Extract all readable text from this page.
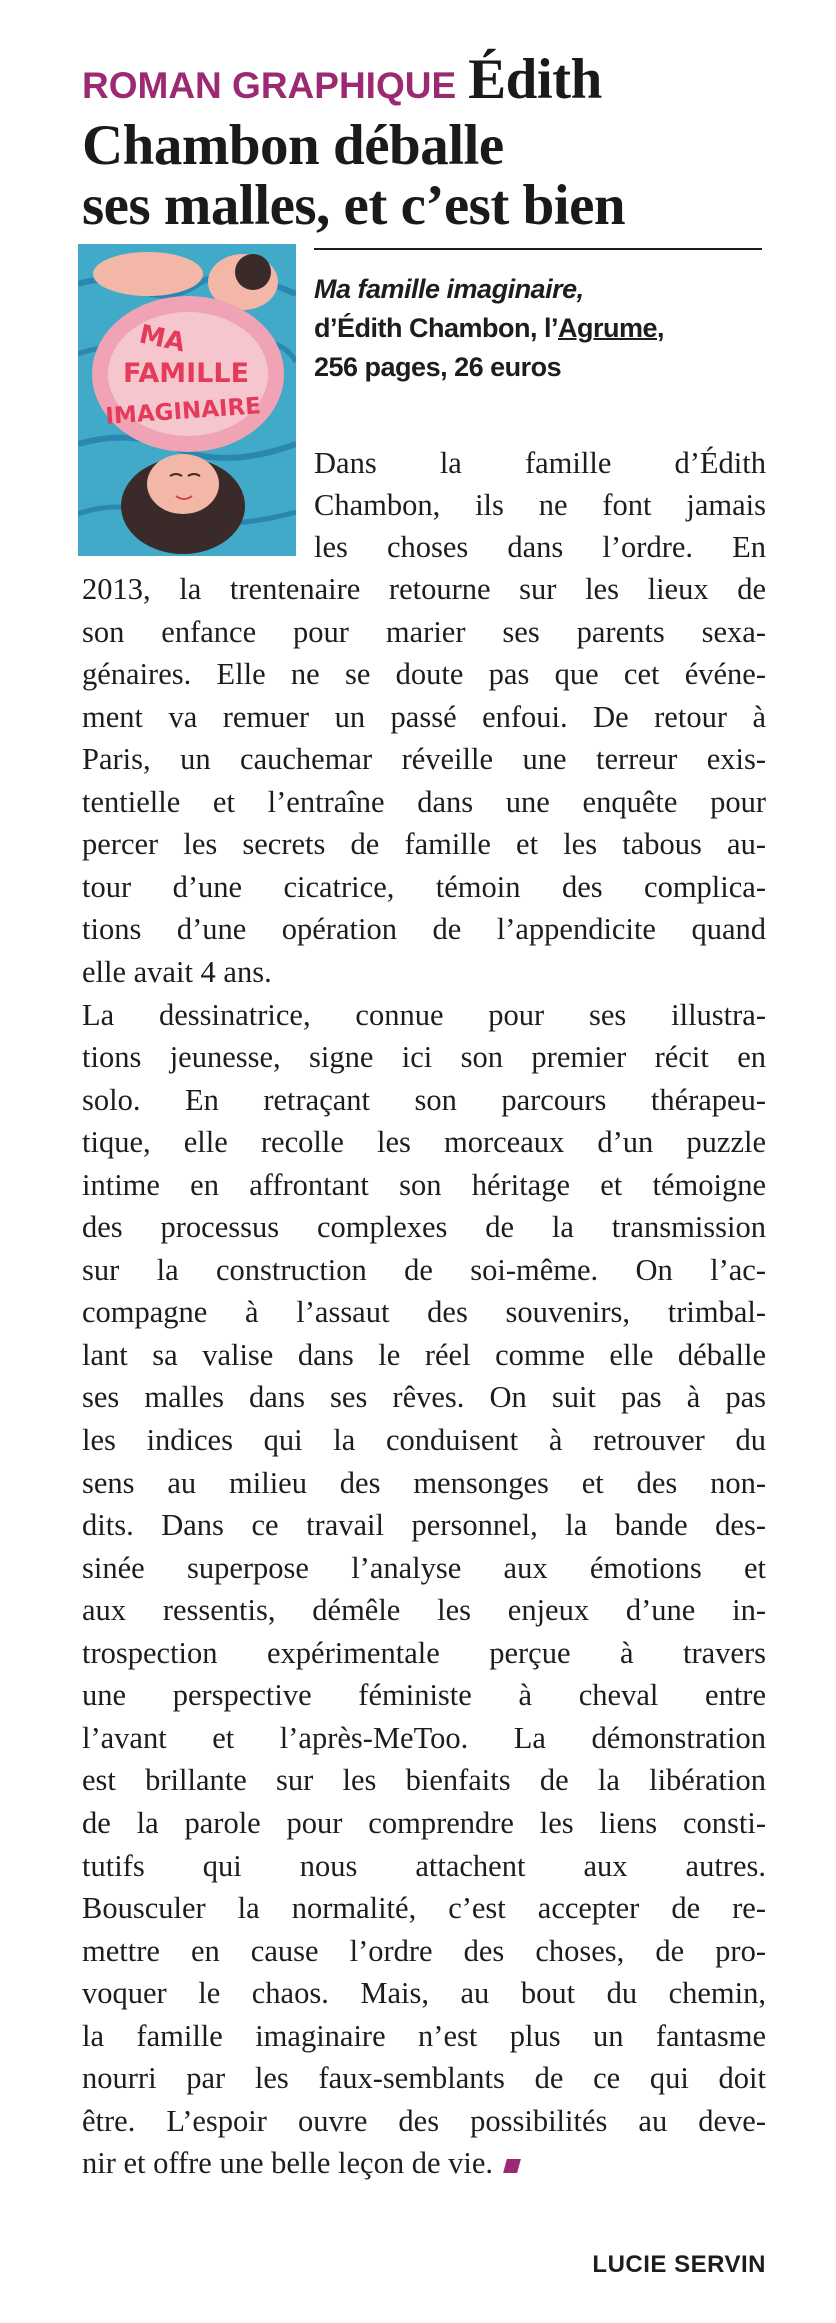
ROMAN GRAPHIQUE Édith
Chambon déballe
ses malles, et c’est bien
MA
FAMILLE
IMAGINAIRE
Ma famille imaginaire,
d’Édith Chambon, l’Agrume,
256 pages, 26 euros
Dans la famille d’Édith
Chambon, ils ne font jamais
les choses dans l’ordre. En
2013, la trentenaire retourne sur les lieux de
son enfance pour marier ses parents sexa-
génaires. Elle ne se doute pas que cet événe-
ment va remuer un passé enfoui. De retour à
Paris, un cauchemar réveille une terreur exis-
tentielle et l’entraîne dans une enquête pour
percer les secrets de famille et les tabous au-
tour d’une cicatrice, témoin des complica-
tions d’une opération de l’appendicite quand
elle avait 4 ans.
La dessinatrice, connue pour ses illustra-
tions jeunesse, signe ici son premier récit en
solo. En retraçant son parcours thérapeu-
tique, elle recolle les morceaux d’un puzzle
intime en affrontant son héritage et témoigne
des processus complexes de la transmission
sur la construction de soi-même. On l’ac-
compagne à l’assaut des souvenirs, trimbal-
lant sa valise dans le réel comme elle déballe
ses malles dans ses rêves. On suit pas à pas
les indices qui la conduisent à retrouver du
sens au milieu des mensonges et des non-
dits. Dans ce travail personnel, la bande des-
sinée superpose l’analyse aux émotions et
aux ressentis, démêle les enjeux d’une in-
trospection expérimentale perçue à travers
une perspective féministe à cheval entre
l’avant et l’après-MeToo. La démonstration
est brillante sur les bienfaits de la libération
de la parole pour comprendre les liens consti-
tutifs qui nous attachent aux autres.
Bousculer la normalité, c’est accepter de re-
mettre en cause l’ordre des choses, de pro-
voquer le chaos. Mais, au bout du chemin,
la famille imaginaire n’est plus un fantasme
nourri par les faux-semblants de ce qui doit
être. L’espoir ouvre des possibilités au deve-
nir et offre une belle leçon de vie.
LUCIE SERVIN
